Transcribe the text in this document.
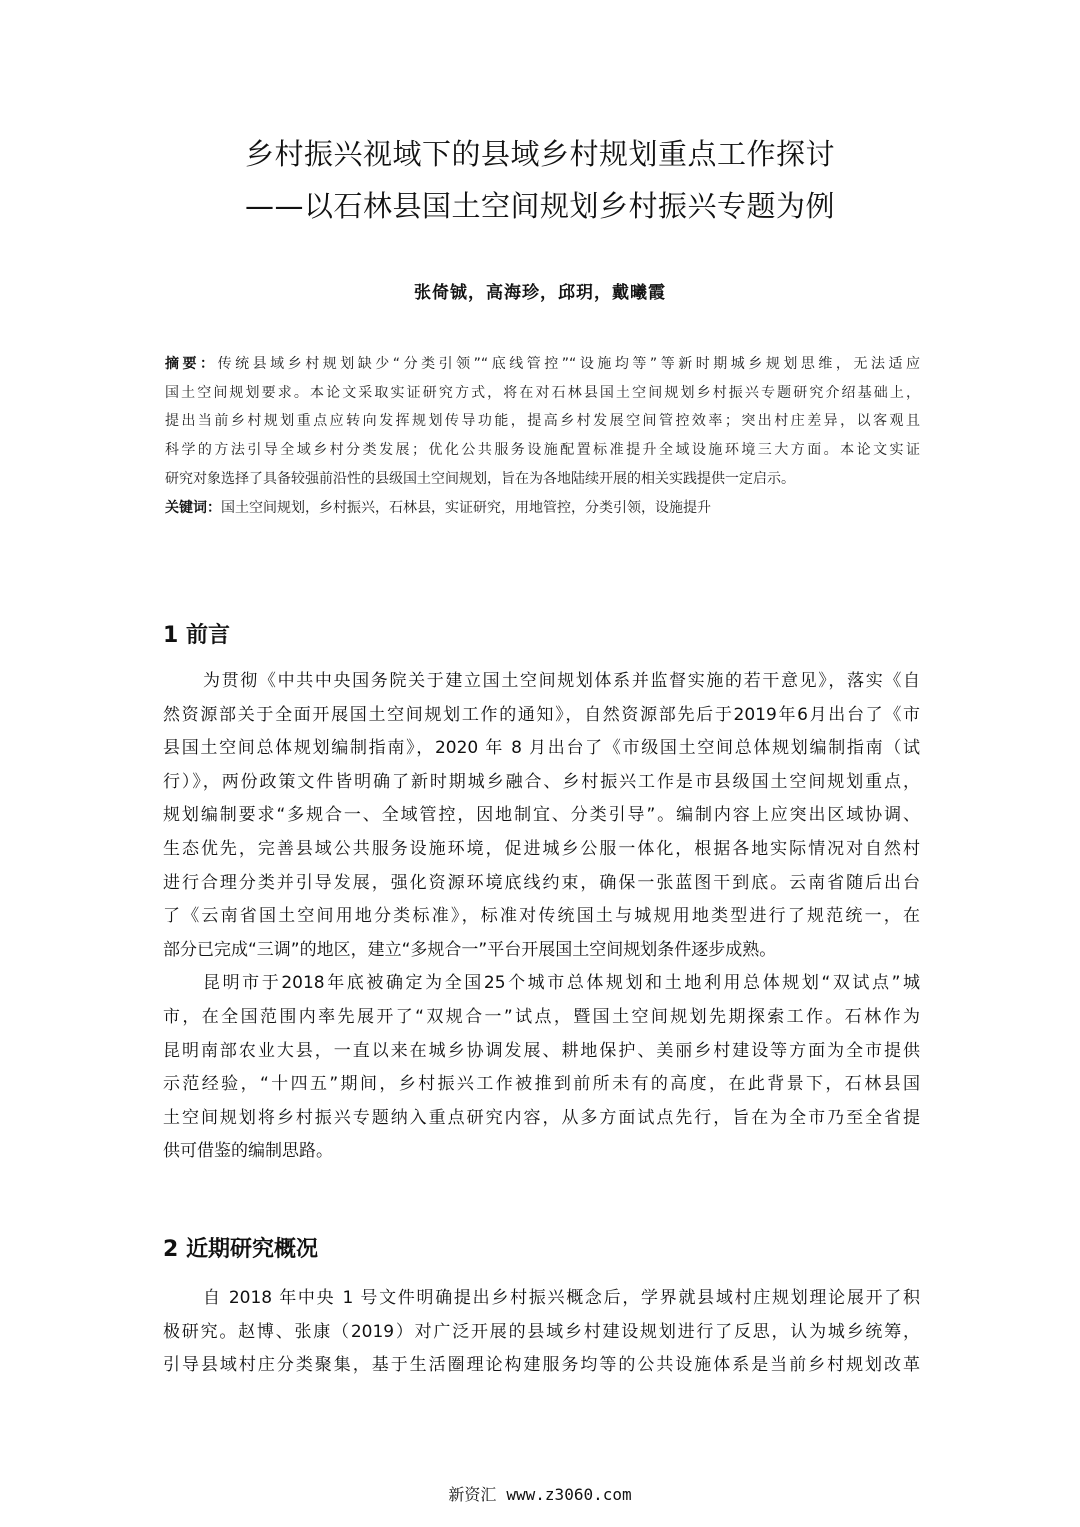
乡村振兴视域下的县域乡村规划重点工作探讨
——以石林县国土空间规划乡村振兴专题为例
张倚铖，高海珍，邱玥，戴曦霞
摘要：传统县域乡村规划缺少“分类引领”“底线管控”“设施均等”等新时期城乡规划思维，无法适应
国土空间规划要求。本论文采取实证研究方式，将在对石林县国土空间规划乡村振兴专题研究介绍基础上，
提出当前乡村规划重点应转向发挥规划传导功能，提高乡村发展空间管控效率；突出村庄差异，以客观且
科学的方法引导全域乡村分类发展；优化公共服务设施配置标准提升全域设施环境三大方面。本论文实证
研究对象选择了具备较强前沿性的县级国土空间规划，旨在为各地陆续开展的相关实践提供一定启示。
关键词：国土空间规划，乡村振兴，石林县，实证研究，用地管控，分类引领，设施提升
1 前言
为贯彻《中共中央国务院关于建立国土空间规划体系并监督实施的若干意见》，落实《自
然资源部关于全面开展国土空间规划工作的通知》，自然资源部先后于2019年6月出台了《市
县国土空间总体规划编制指南》，2020 年 8 月出台了《市级国土空间总体规划编制指南（试
行）》，两份政策文件皆明确了新时期城乡融合、乡村振兴工作是市县级国土空间规划重点，
规划编制要求“多规合一、全域管控，因地制宜、分类引导”。编制内容上应突出区域协调、
生态优先，完善县域公共服务设施环境，促进城乡公服一体化，根据各地实际情况对自然村
进行合理分类并引导发展，强化资源环境底线约束，确保一张蓝图干到底。云南省随后出台
了《云南省国土空间用地分类标准》，标准对传统国土与城规用地类型进行了规范统一，在
部分已完成“三调”的地区，建立“多规合一”平台开展国土空间规划条件逐步成熟。
昆明市于2018年底被确定为全国25个城市总体规划和土地利用总体规划“双试点”城
市，在全国范围内率先展开了“双规合一”试点，暨国土空间规划先期探索工作。石林作为
昆明南部农业大县，一直以来在城乡协调发展、耕地保护、美丽乡村建设等方面为全市提供
示范经验，“十四五”期间，乡村振兴工作被推到前所未有的高度，在此背景下，石林县国
土空间规划将乡村振兴专题纳入重点研究内容，从多方面试点先行，旨在为全市乃至全省提
供可借鉴的编制思路。
2 近期研究概况
自 2018 年中央 1 号文件明确提出乡村振兴概念后，学界就县域村庄规划理论展开了积
极研究。赵博、张康（2019）对广泛开展的县域乡村建设规划进行了反思，认为城乡统筹，
引导县域村庄分类聚集，基于生活圈理论构建服务均等的公共设施体系是当前乡村规划改革
新资汇 www.z3060.com
